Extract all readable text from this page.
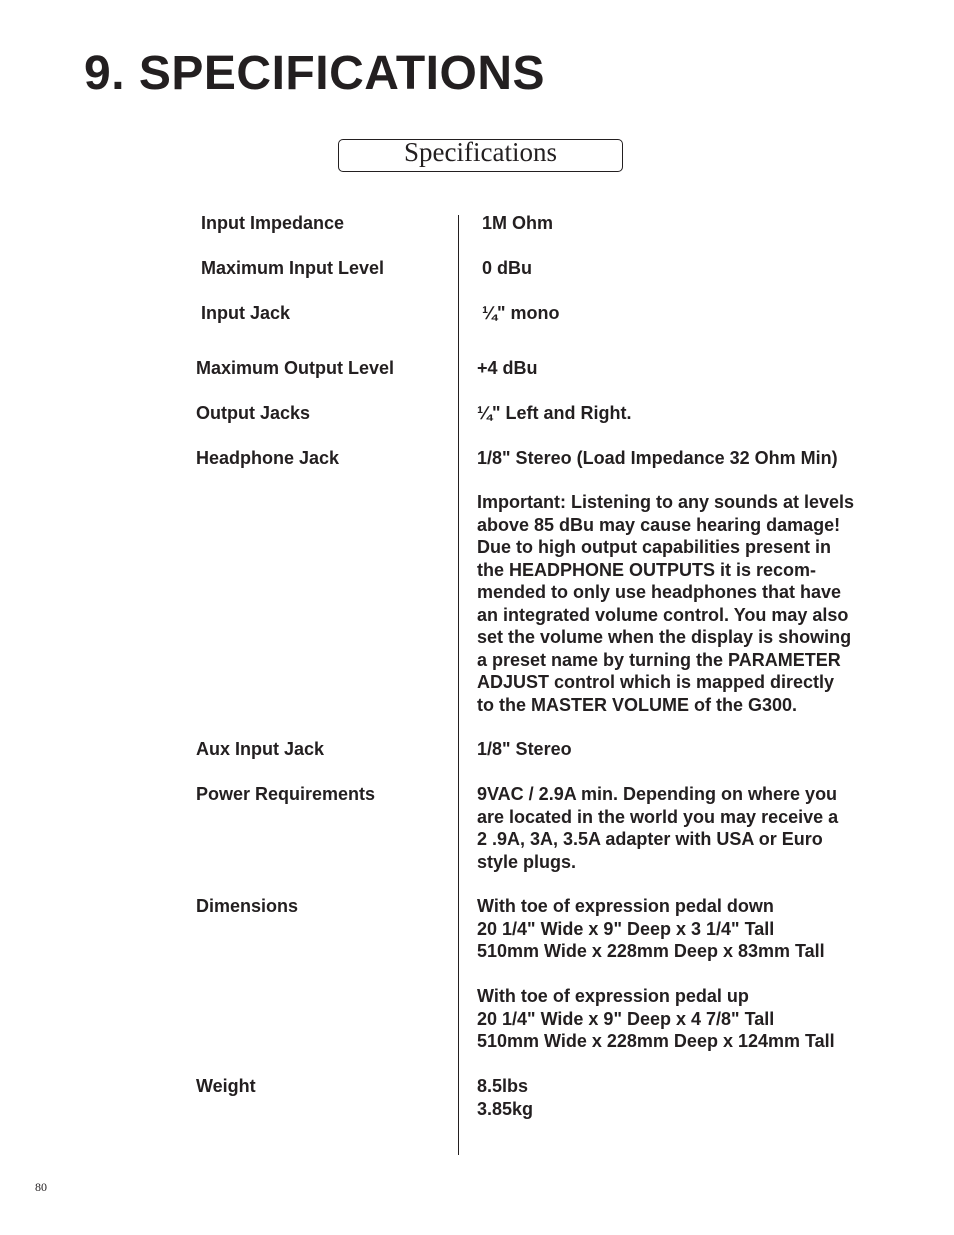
9. SPECIFICATIONS
Specifications
Input Impedance	1M Ohm
Maximum Input Level	0 dBu
Input Jack	¼" mono
Maximum Output Level	+4 dBu
Output Jacks	¼" Left and Right.
Headphone Jack	1/8" Stereo (Load Impedance 32 Ohm Min)
Important: Listening to any sounds at levels
above 85 dBu may cause hearing damage!
Due to high output capabilities present in
the HEADPHONE OUTPUTS it is recom-
mended to only use headphones that have
an integrated volume control. You may also
set the volume when the display is showing
a preset name by turning the PARAMETER
ADJUST control which is mapped directly
to the MASTER VOLUME of the G300.
Aux Input Jack	1/8" Stereo
Power Requirements	9VAC / 2.9A min. Depending on where you
are located in the world you may receive a
2 .9A, 3A, 3.5A adapter with USA or Euro
style plugs.
Dimensions	With toe of expression pedal down
20 1/4" Wide x 9" Deep x 3 1/4" Tall
510mm Wide x 228mm Deep x 83mm Tall
With toe of expression pedal up
20 1/4" Wide x 9" Deep x 4 7/8" Tall
510mm Wide x 228mm Deep x 124mm Tall
Weight	8.5lbs
3.85kg
80
